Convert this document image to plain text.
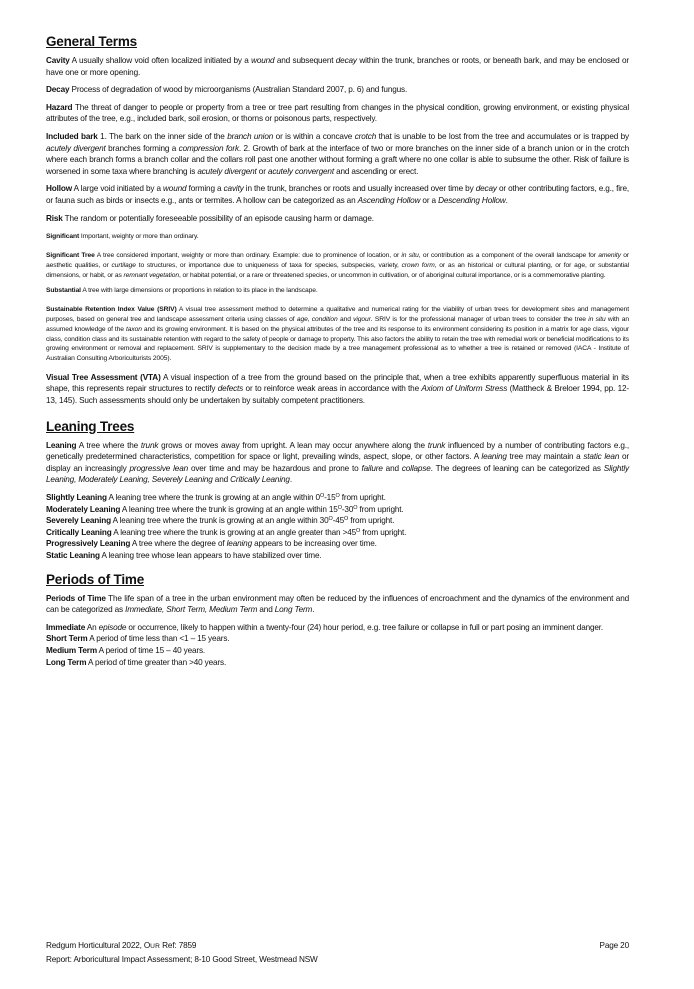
General Terms

Cavity A usually shallow void often localized initiated by a wound and subsequent decay within the trunk, branches or roots, or beneath bark, and may be enclosed or have one or more opening.

Decay Process of degradation of wood by microorganisms (Australian Standard 2007, p. 6) and fungus.

Hazard The threat of danger to people or property from a tree or tree part resulting from changes in the physical condition, growing environment, or existing physical attributes of the tree, e.g., included bark, soil erosion, or thorns or poisonous parts, respectively.

Included bark 1. The bark on the inner side of the branch union or is within a concave crotch that is unable to be lost from the tree and accumulates or is trapped by acutely divergent branches forming a compression fork. 2. Growth of bark at the interface of two or more branches on the inner side of a branch union or in the crotch where each branch forms a branch collar and the collars roll past one another without forming a graft where no one collar is able to subsume the other. Risk of failure is worsened in some taxa where branching is acutely divergent or acutely convergent and ascending or erect.

Hollow A large void initiated by a wound forming a cavity in the trunk, branches or roots and usually increased over time by decay or other contributing factors, e.g., fire, or fauna such as birds or insects e.g., ants or termites. A hollow can be categorized as an Ascending Hollow or a Descending Hollow.

Risk The random or potentially foreseeable possibility of an episode causing harm or damage.

Significant Important, weighty or more than ordinary.

Significant Tree A tree considered important, weighty or more than ordinary. Example: due to prominence of location, or in situ, or contribution as a component of the overall landscape for amenity or aesthetic qualities, or curtilage to structures, or importance due to uniqueness of taxa for species, subspecies, variety, crown form, or as an historical or cultural planting, or for age, or substantial dimensions, or habit, or as remnant vegetation, or habitat potential, or a rare or threatened species, or uncommon in cultivation, or of aboriginal cultural importance, or is a commemorative planting.

Substantial A tree with large dimensions or proportions in relation to its place in the landscape.

Sustainable Retention Index Value (SRIV) A visual tree assessment method to determine a qualitative and numerical rating for the viability of urban trees for development sites and management purposes, based on general tree and landscape assessment criteria using classes of age, condition and vigour. SRIV is for the professional manager of urban trees to consider the tree in situ with an assumed knowledge of the taxon and its growing environment. It is based on the physical attributes of the tree and its response to its environment considering its position in a matrix for age class, vigour class, condition class and its sustainable retention with regard to the safety of people or damage to property. This also factors the ability to retain the tree with remedial work or beneficial modifications to its growing environment or removal and replacement. SRIV is supplementary to the decision made by a tree management professional as to whether a tree is retained or removed (IACA - Institute of Australian Consulting Arboriculturists 2005).

Visual Tree Assessment (VTA) A visual inspection of a tree from the ground based on the principle that, when a tree exhibits apparently superfluous material in its shape, this represents repair structures to rectify defects or to reinforce weak areas in accordance with the Axiom of Uniform Stress (Mattheck & Breloer 1994, pp. 12-13, 145). Such assessments should only be undertaken by suitably competent practitioners.

Leaning Trees

Leaning A tree where the trunk grows or moves away from upright. A lean may occur anywhere along the trunk influenced by a number of contributing factors e.g., genetically predetermined characteristics, competition for space or light, prevailing winds, aspect, slope, or other factors. A leaning tree may maintain a static lean or display an increasingly progressive lean over time and may be hazardous and prone to failure and collapse. The degrees of leaning can be categorized as Slightly Leaning, Moderately Leaning, Severely Leaning and Critically Leaning.

Slightly Leaning A leaning tree where the trunk is growing at an angle within $0^O-15^O$ from upright.

Moderately Leaning A leaning tree where the trunk is growing at an angle within $15^O-30^O$ from upright.

Severely Leaning A leaning tree where the trunk is growing at an angle within $30^O-45^O$ from upright.

Critically Leaning A leaning tree where the trunk is growing at an angle greater than $>45^O$ from upright.

Progressively Leaning A tree where the degree of leaning appears to be increasing over time.

Static Leaning A leaning tree whose lean appears to have stabilized over time.

Periods of Time

Periods of Time The life span of a tree in the urban environment may often be reduced by the influences of encroachment and the dynamics of the environment and can be categorized as Immediate, Short Term, Medium Term and Long Term.

Immediate An episode or occurrence, likely to happen within a twenty-four (24) hour period, e.g. tree failure or collapse in full or part posing an imminent danger.

Short Term A period of time less than <1 – 15 years.

Medium Term A period of time 15 – 40 years.

Long Term A period of time greater than >40 years.

Redgum Horticultural 2022, OUR Ref: 7859	Page 20
Report: Arboricultural Impact Assessment; 8-10 Good Street, Westmead NSW
